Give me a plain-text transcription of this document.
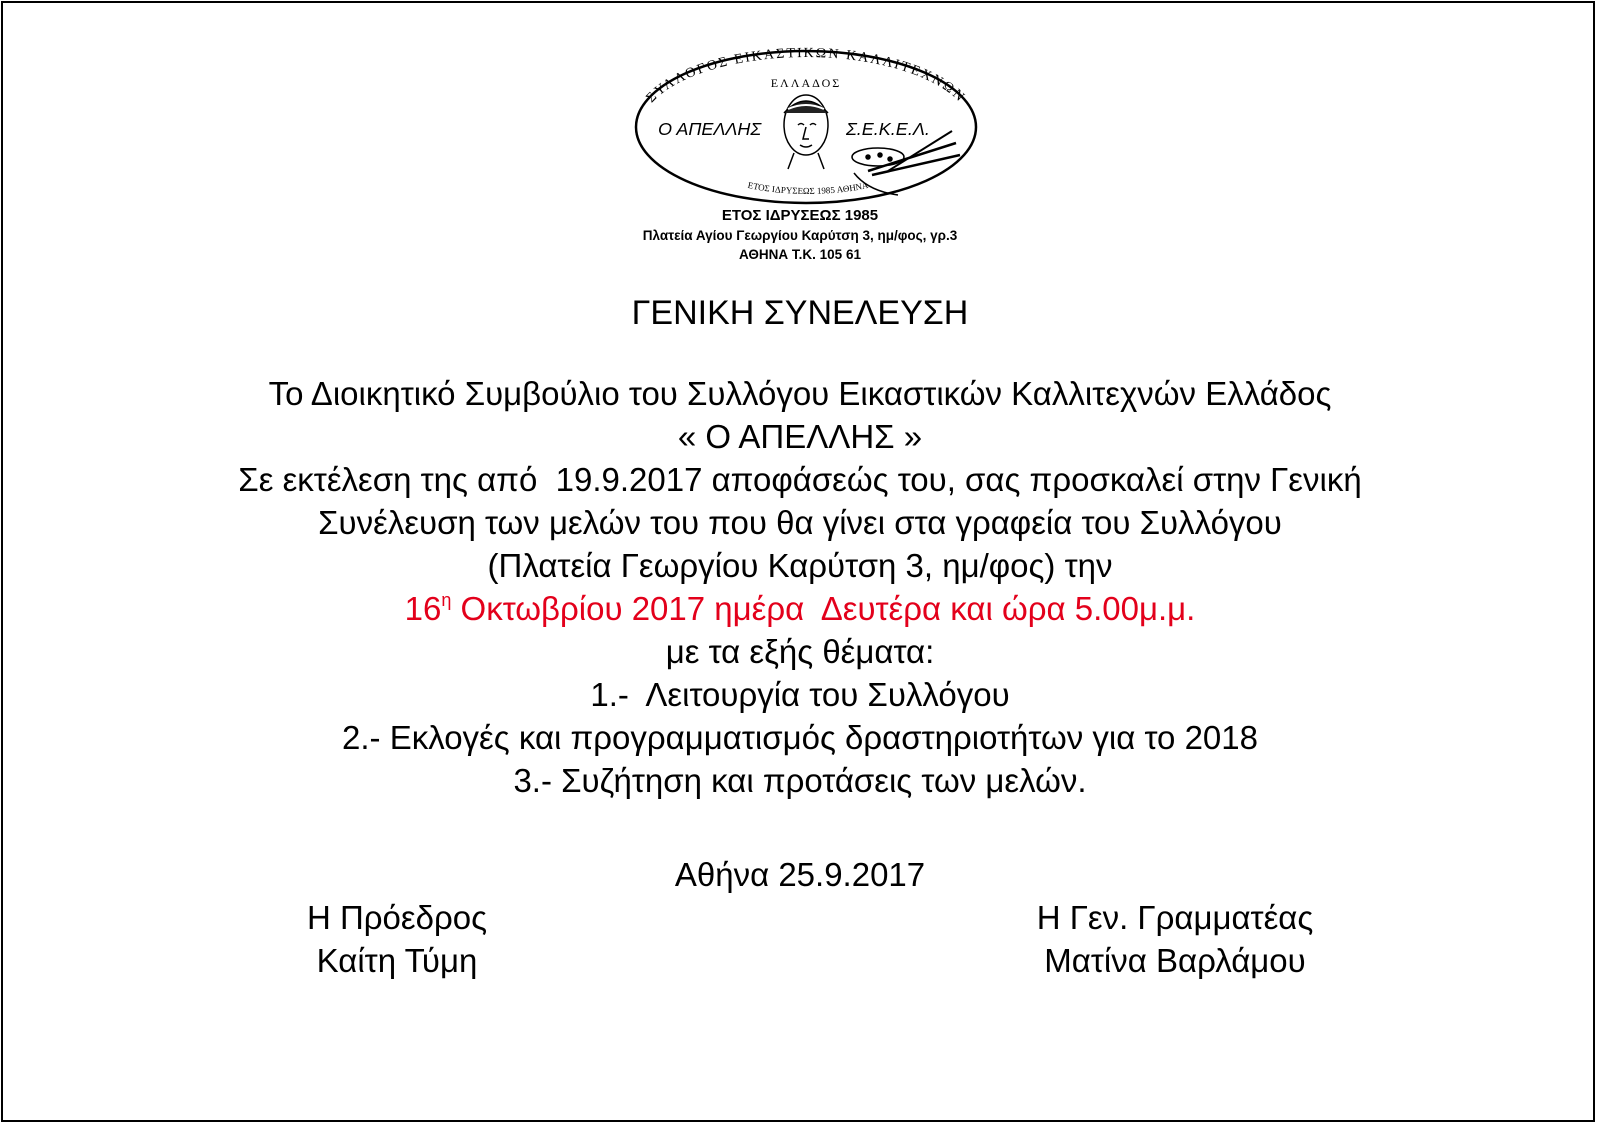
ΣΥΛΛΟΓΟΣ ΕΙΚΑΣΤΙΚΩΝ ΚΑΛΛΙΤΕΧΝΩΝ
ΕΛΛΑΔΟΣ
Ο ΑΠΕΛΛΗΣ	Σ.Ε.Κ.Ε.Λ.
ΕΤΟΣ ΙΔΡΥΣΕΩΣ 1985 ΑΘΗΝΑ
ΕΤΟΣ ΙΔΡΥΣΕΩΣ 1985
Πλατεία Αγίου Γεωργίου Καρύτση 3, ημ/φος, γρ.3
ΑΘΗΝΑ Τ.Κ. 105 61
ΓΕΝΙΚΗ ΣΥΝΕΛΕΥΣΗ
Το Διοικητικό Συμβούλιο του Συλλόγου Εικαστικών Καλλιτεχνών Ελλάδος
« Ο ΑΠΕΛΛΗΣ »
Σε εκτέλεση της από  19.9.2017 αποφάσεώς του, σας προσκαλεί στην Γενική
Συνέλευση των μελών του που θα γίνει στα γραφεία του Συλλόγου
(Πλατεία Γεωργίου Καρύτση 3, ημ/φος) την
$16^\eta$ Οκτωβρίου 2017 ημέρα  Δευτέρα και ώρα 5.00μ.μ.
με τα εξής θέματα:
1.-  Λειτουργία του Συλλόγου
2.- Εκλογές και προγραμματισμός δραστηριοτήτων για το 2018
3.- Συζήτηση και προτάσεις των μελών.
Αθήνα 25.9.2017
Η Πρόεδρος
Καίτη Τύμη
Η Γεν. Γραμματέας
Ματίνα Βαρλάμου
